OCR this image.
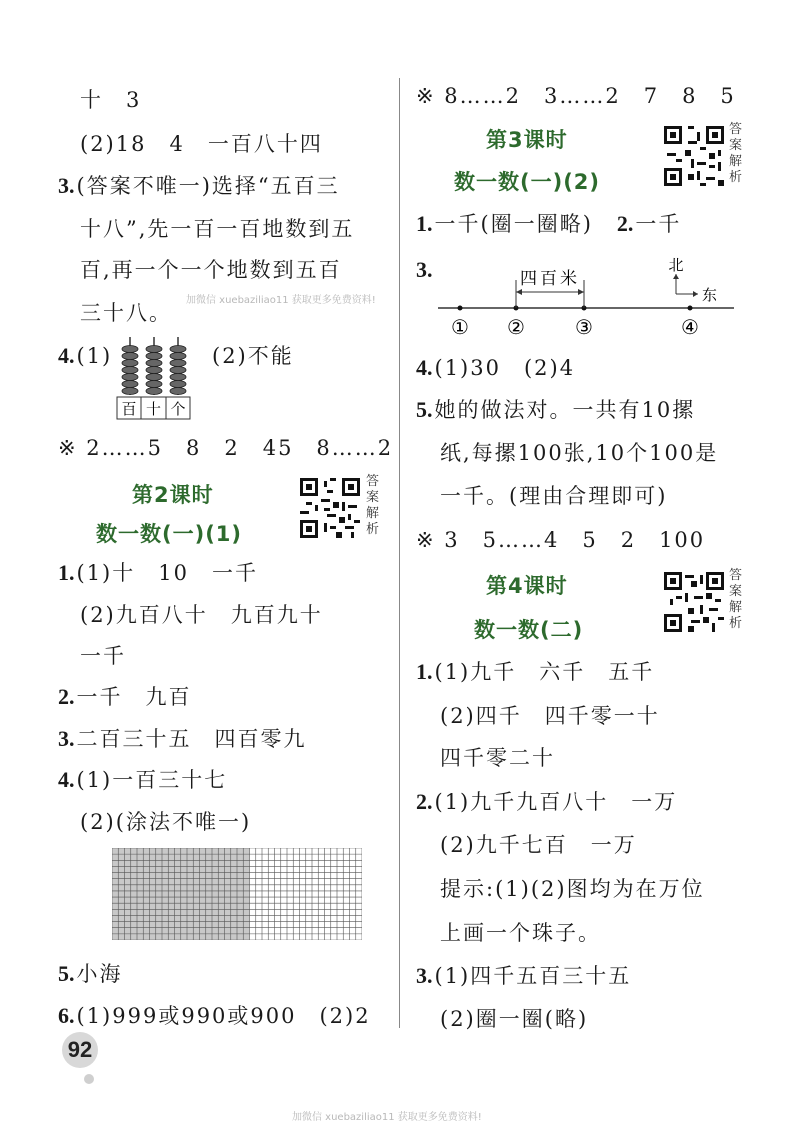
十　3
(2)18　4　一百八十四
3.(答案不唯一)选择“五百三
十八”,先一百一百地数到五
百,再一个一个地数到五百
三十八。
加微信 xuebaziliao11 获取更多免费资料!
4.(1)
百 十 个
(2)不能
※ 2……5　8　2　45　8……2
第2课时
数一数(一)(1)
答案解析
1.(1)十　10　一千
(2)九百八十　九百九十
一千
2.一千　九百
3.二百三十五　四百零九
4.(1)一百三十七
(2)(涂法不唯一)
5.小海
6.(1)999或990或900　(2)2
92
※ 8……2　3……2　7　8　5
第3课时
数一数(一)(2)
答案解析
1.一千(圈一圈略) 2.一千
3.	四百米
北
东
① ②	③	④
4.(1)30　(2)4
5.她的做法对。一共有10摞
纸,每摞100张,10个100是
一千。(理由合理即可)
※ 3　5……4　5　2　100
第4课时
数一数(二)
答案解析
1.(1)九千　六千　五千
(2)四千　四千零一十
四千零二十
2.(1)九千九百八十　一万
(2)九千七百　一万
提示:(1)(2)图均为在万位
上画一个珠子。
3.(1)四千五百三十五
(2)圈一圈(略)
加微信 xuebaziliao11 获取更多免费资料!
